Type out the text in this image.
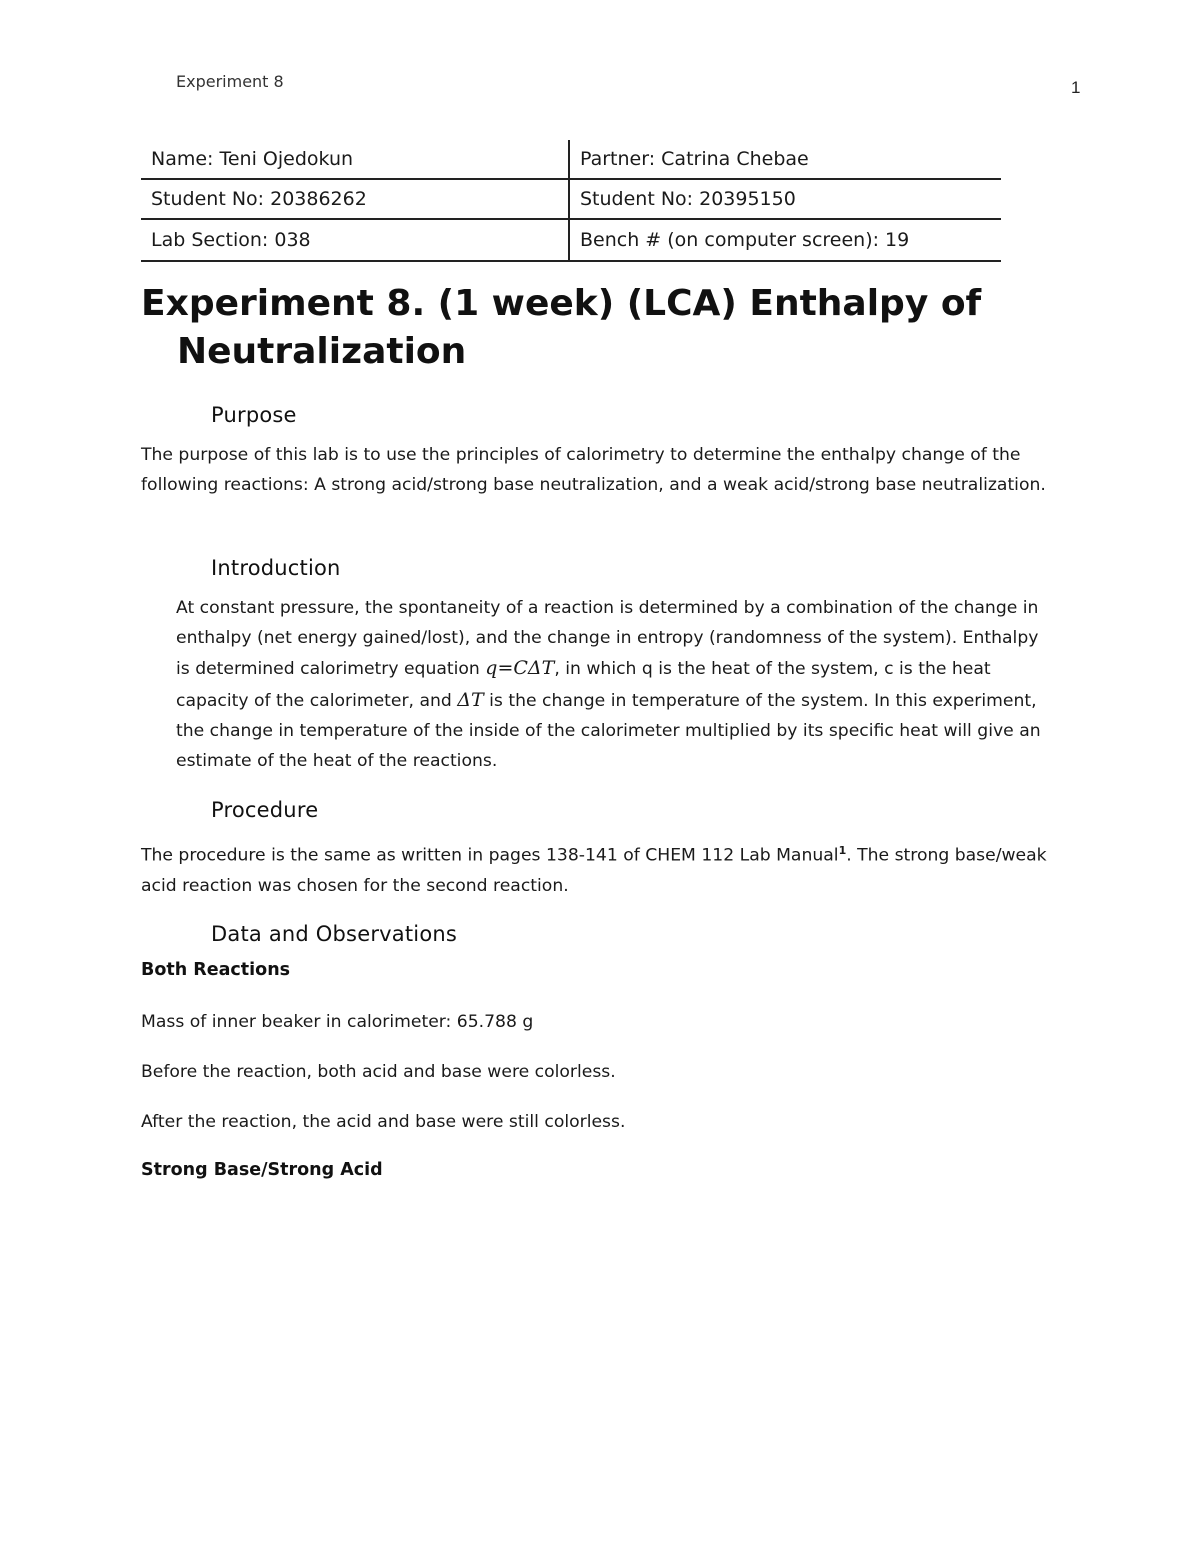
Experiment 8	1
Name: Teni Ojedokun	Partner: Catrina Chebae
Student No: 20386262	Student No: 20395150
Lab Section: 038	Bench # (on computer screen): 19
Experiment 8. (1 week) (LCA) Enthalpy of
Neutralization
Purpose

The purpose of this lab is to use the principles of calorimetry to determine the enthalpy change of the following reactions: A strong acid/strong base neutralization, and a weak acid/strong base neutralization.

Introduction

At constant pressure, the spontaneity of a reaction is determined by a combination of the change in enthalpy (net energy gained/lost), and the change in entropy (randomness of the system). Enthalpy is determined calorimetry equation q=CΔT, in which q is the heat of the system, c is the heat capacity of the calorimeter, and ΔT is the change in temperature of the system. In this experiment, the change in temperature of the inside of the calorimeter multiplied by its specific heat will give an estimate of the heat of the reactions.

Procedure

The procedure is the same as written in pages 138-141 of CHEM 112 Lab Manual$^1$. The strong base/weak acid reaction was chosen for the second reaction.

Data and Observations

Both Reactions

Mass of inner beaker in calorimeter: 65.788 g

Before the reaction, both acid and base were colorless.

After the reaction, the acid and base were still colorless.

Strong Base/Strong Acid
